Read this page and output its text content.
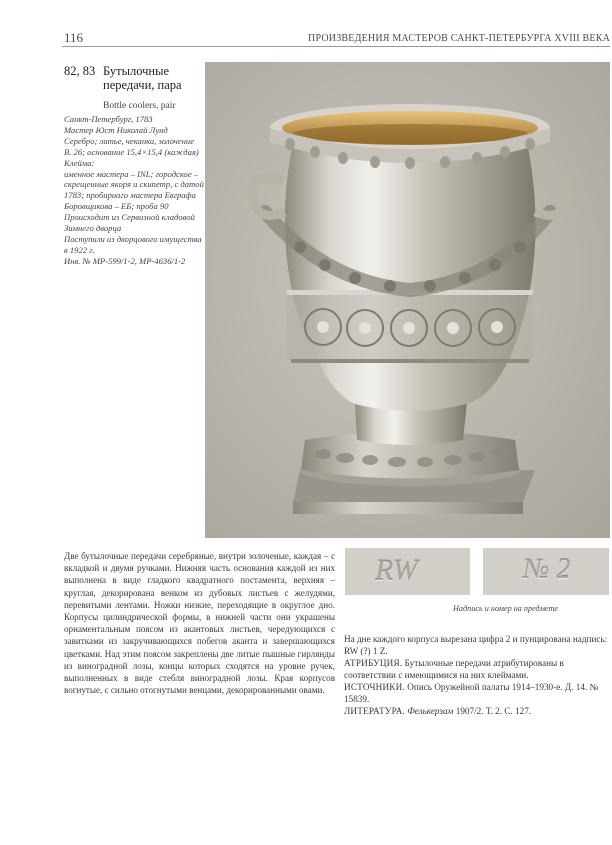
116	ПРОИЗВЕДЕНИЯ МАСТЕРОВ САНКТ-ПЕТЕРБУРГА XVIII ВЕКА
82, 83 Бутылочные передачи, пара
Bottle coolers, pair

Санкт-Петербург, 1783

Мастер Юст Николай Лунд

Серебро; литье, чеканка, золочение

В. 26; основание 15,4×15,4 (каждая)

Клейма:

именное мастера – INL; городское – скрещенные якоря и скипетр, с датой 1783; пробирного мастера Евграфа Боровщикова – ЕБ; проба 90

Происходит из Сервизной кладовой Зимнего дворца

Поступили из дворцового имущества в 1922 г.

Инв. № МР-599/1-2, МР-4636/1-2

Две бутылочные передачи серебряные, внутри золоченые, каждая – с вкладкой и двумя ручками. Нижняя часть основания каждой из них выполнена в виде гладкого квадратного постамента, верхняя – круглая, декорирована венком из дубовых листьев с желудями, перевитыми лентами. Ножки низкие, переходящие в округлое дно. Корпусы цилиндрической формы, в нижней части они украшены орнаментальным поясом из акантовых листьев, чередующихся с завитками из закручивающихся побегов аканта и завершающихся цветками. Над этим поясом закреплены две литые пышные гирлянды из виноградной лозы, концы которых сходятся на уровне ручек, выполненных в виде стебля виноградной лозы. Края корпусов вогнутые, с сильно отогнутыми венцами, декорированными овами.

RW	№ 2
Надпись и номер на предмете

На дне каждого корпуса вырезана цифра 2 и пунцирована надпись: RW (?) 1 Z.

АТРИБУЦИЯ. Бутылочные передачи атрибутированы в соответствии с имеющимися на них клеймами.

ИСТОЧНИКИ. Опись Оружейной палаты 1914–1930-е. Д. 14. № 15839.

ЛИТЕРАТУРА. Фелькерзам 1907/2. Т. 2. С. 127.
